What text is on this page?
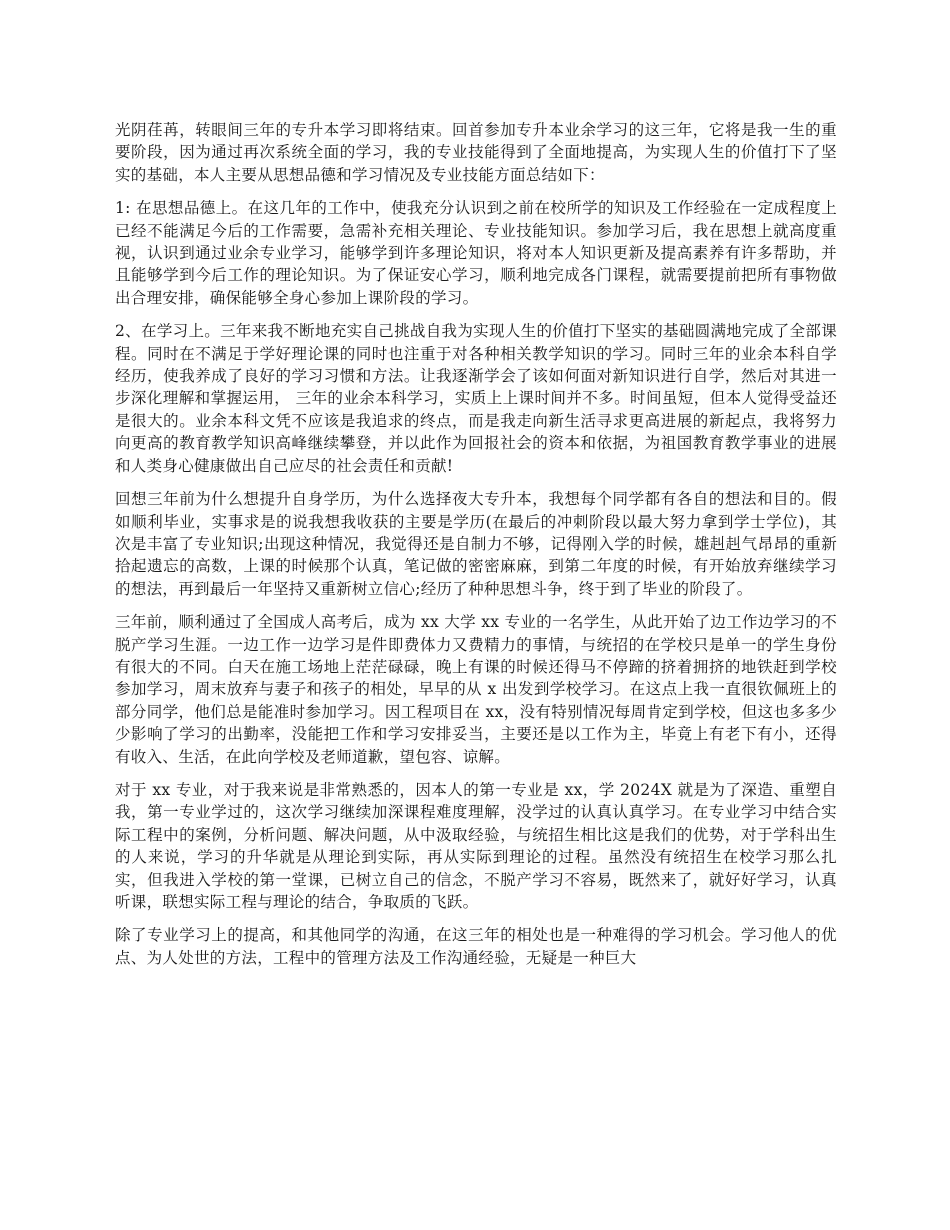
光阴荏苒，转眼间三年的专升本学习即将结束。回首参加专升本业余学习的这三年，它将是我一生的重要阶段，因为通过再次系统全面的学习，我的专业技能得到了全面地提高，为实现人生的价值打下了坚实的基础，本人主要从思想品德和学习情况及专业技能方面总结如下：

1: 在思想品德上。在这几年的工作中，使我充分认识到之前在校所学的知识及工作经验在一定成程度上已经不能满足今后的工作需要，急需补充相关理论、专业技能知识。参加学习后，我在思想上就高度重视，认识到通过业余专业学习，能够学到许多理论知识，将对本人知识更新及提高素养有许多帮助，并且能够学到今后工作的理论知识。为了保证安心学习，顺利地完成各门课程，就需要提前把所有事物做出合理安排，确保能够全身心参加上课阶段的学习。

2、在学习上。三年来我不断地充实自己挑战自我为实现人生的价值打下坚实的基础圆满地完成了全部课程。同时在不满足于学好理论课的同时也注重于对各种相关教学知识的学习。同时三年的业余本科自学经历，使我养成了良好的学习习惯和方法。让我逐渐学会了该如何面对新知识进行自学，然后对其进一步深化理解和掌握运用， 三年的业余本科学习，实质上上课时间并不多。时间虽短，但本人觉得受益还是很大的。业余本科文凭不应该是我追求的终点，而是我走向新生活寻求更高进展的新起点，我将努力向更高的教育教学知识高峰继续攀登，并以此作为回报社会的资本和依据，为祖国教育教学事业的进展和人类身心健康做出自己应尽的社会责任和贡献!

回想三年前为什么想提升自身学历，为什么选择夜大专升本，我想每个同学都有各自的想法和目的。假如顺利毕业，实事求是的说我想我收获的主要是学历(在最后的冲刺阶段以最大努力拿到学士学位)，其次是丰富了专业知识;出现这种情况，我觉得还是自制力不够，记得刚入学的时候，雄赳赳气昂昂的重新拾起遗忘的高数，上课的时候那个认真，笔记做的密密麻麻，到第二年度的时候，有开始放弃继续学习的想法，再到最后一年坚持又重新树立信心;经历了种种思想斗争，终于到了毕业的阶段了。

三年前，顺利通过了全国成人高考后，成为 xx 大学 xx 专业的一名学生，从此开始了边工作边学习的不脱产学习生涯。一边工作一边学习是件即费体力又费精力的事情，与统招的在学校只是单一的学生身份有很大的不同。白天在施工场地上茫茫碌碌，晚上有课的时候还得马不停蹄的挤着拥挤的地铁赶到学校参加学习，周末放弃与妻子和孩子的相处，早早的从 x 出发到学校学习。在这点上我一直很钦佩班上的部分同学，他们总是能准时参加学习。因工程项目在 xx，没有特别情况每周肯定到学校，但这也多多少少影响了学习的出勤率，没能把工作和学习安排妥当，主要还是以工作为主，毕竟上有老下有小，还得有收入、生活，在此向学校及老师道歉，望包容、谅解。

对于 xx 专业，对于我来说是非常熟悉的，因本人的第一专业是 xx，学 2024X 就是为了深造、重塑自我，第一专业学过的，这次学习继续加深课程难度理解，没学过的认真认真学习。在专业学习中结合实际工程中的案例，分析问题、解决问题，从中汲取经验，与统招生相比这是我们的优势，对于学科出生的人来说，学习的升华就是从理论到实际，再从实际到理论的过程。虽然没有统招生在校学习那么扎实，但我进入学校的第一堂课，已树立自己的信念，不脱产学习不容易，既然来了，就好好学习，认真听课，联想实际工程与理论的结合，争取质的飞跃。

除了专业学习上的提高，和其他同学的沟通，在这三年的相处也是一种难得的学习机会。学习他人的优点、为人处世的方法，工程中的管理方法及工作沟通经验，无疑是一种巨大
